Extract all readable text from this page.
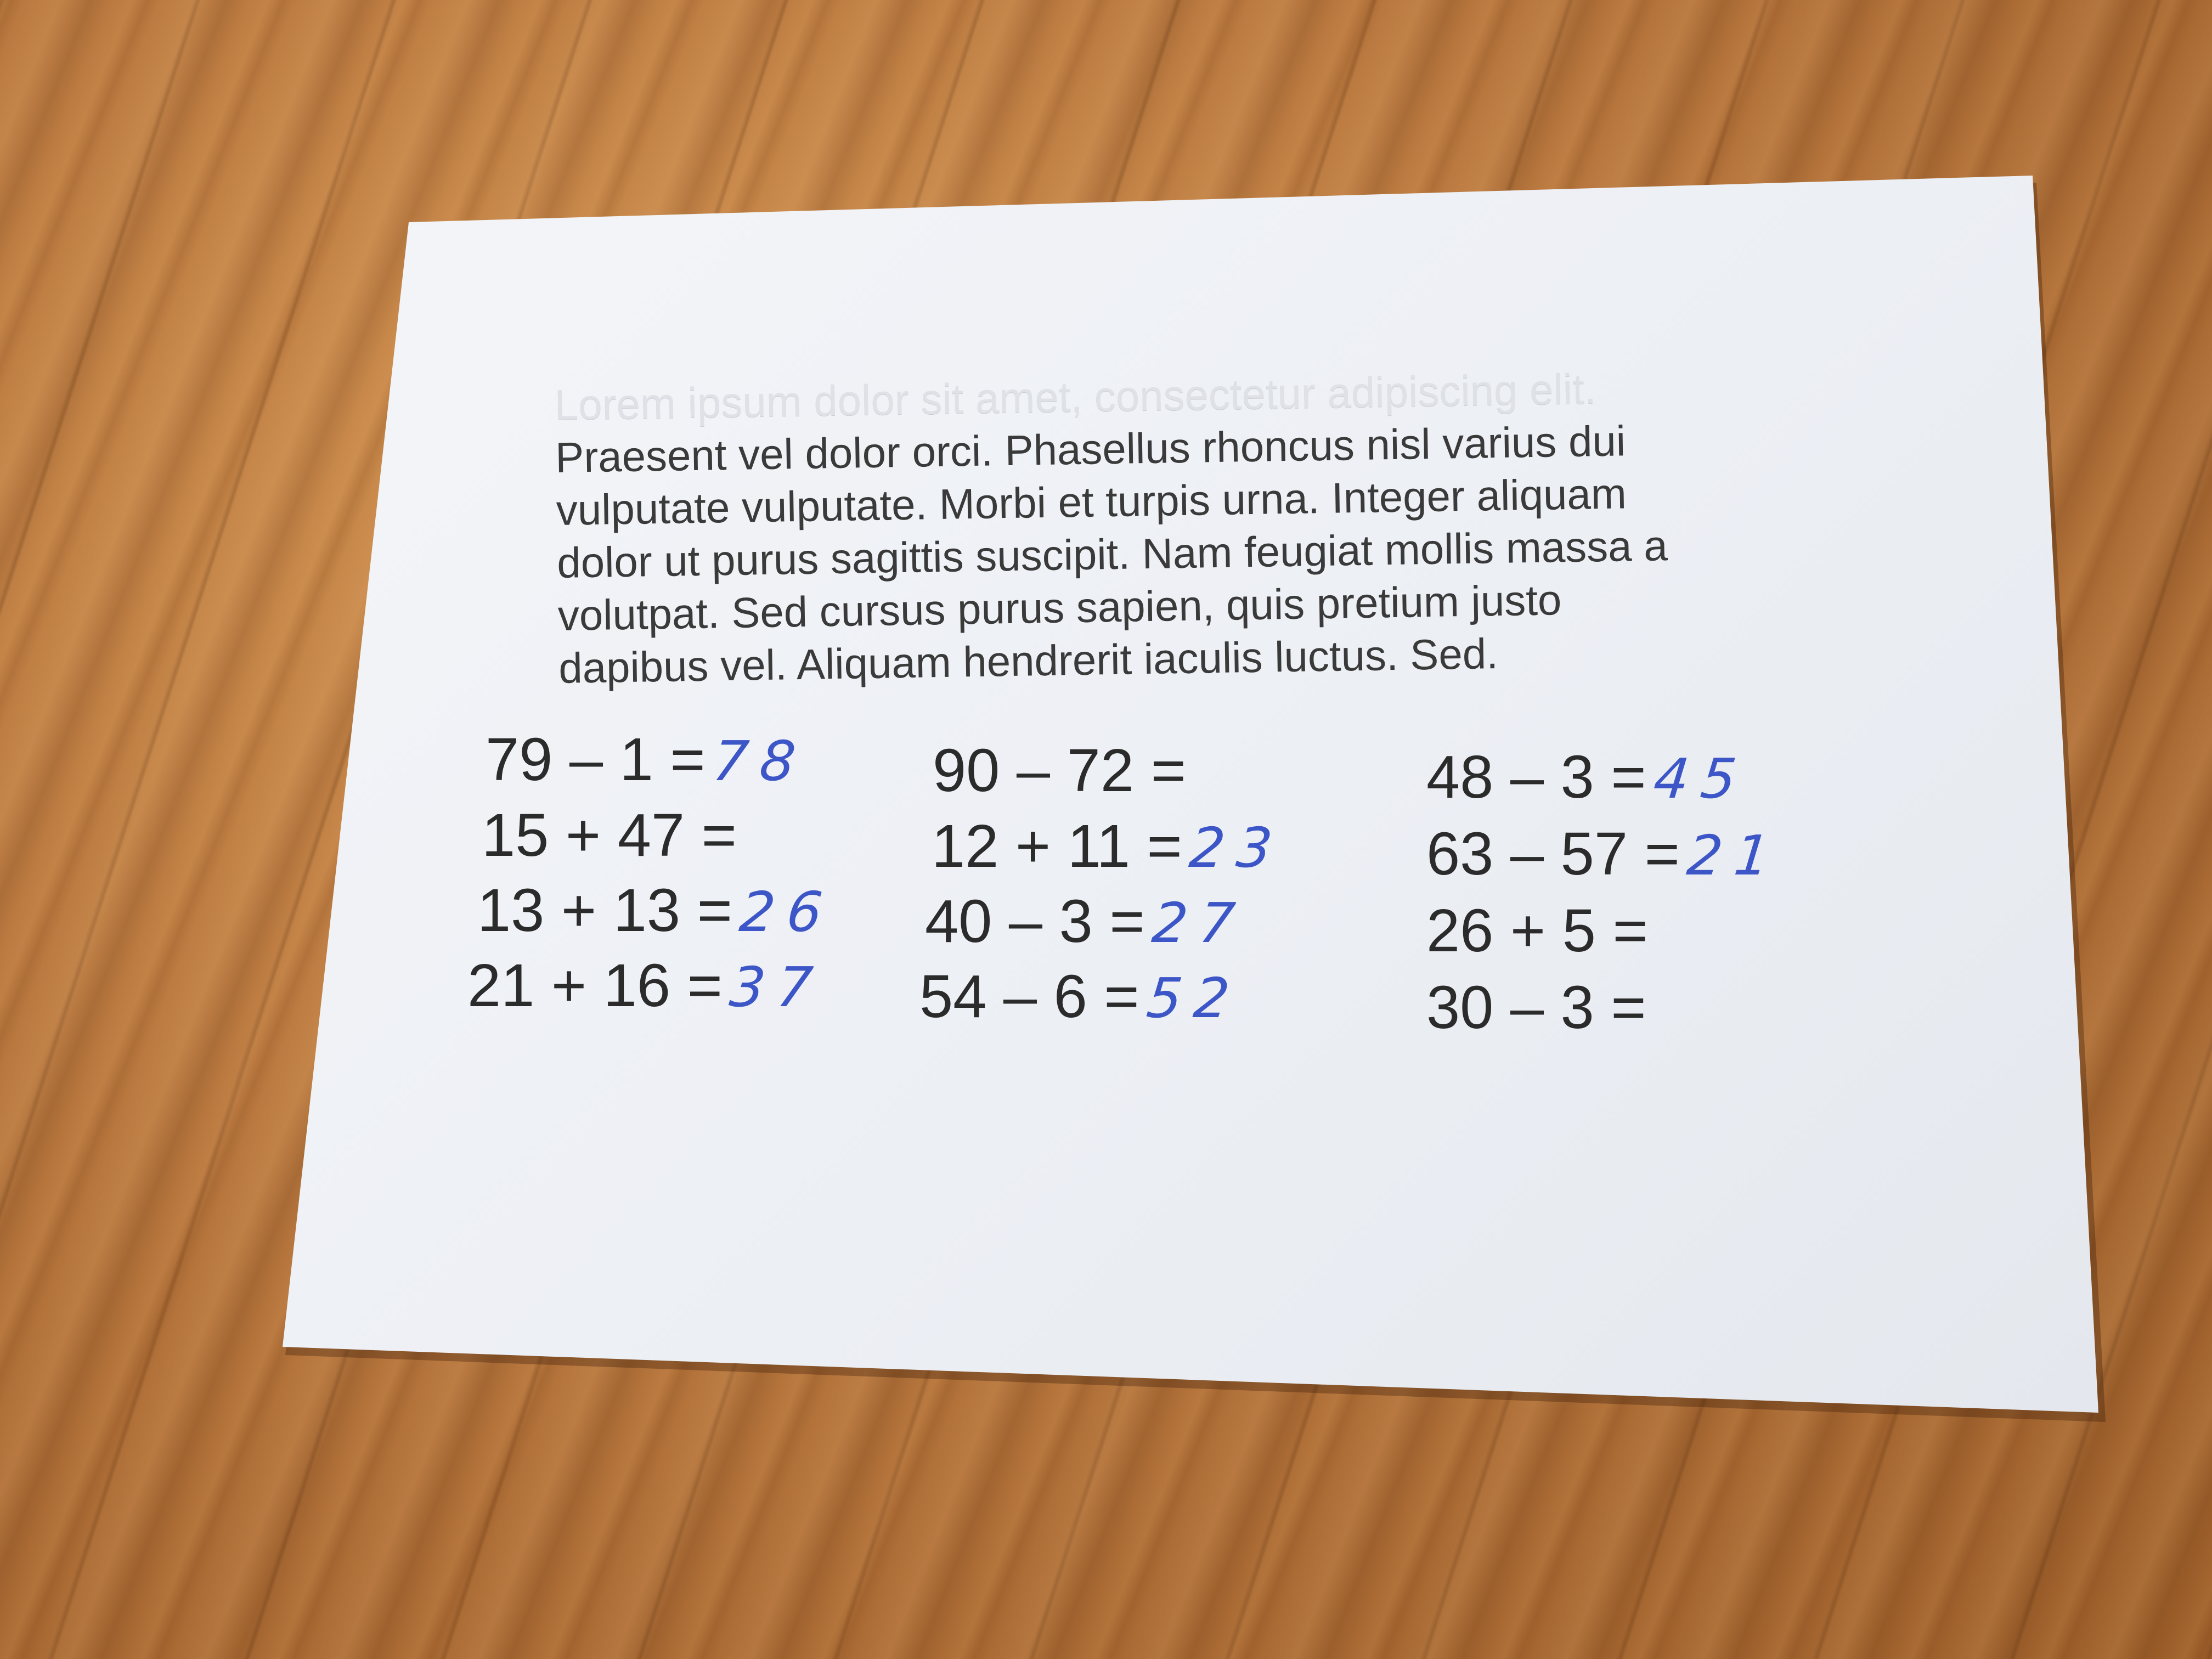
Lorem ipsum dolor sit amet, consectetur adipiscing elit.
Praesent vel dolor orci. Phasellus rhoncus nisl varius dui
vulputate vulputate. Morbi et turpis urna. Integer aliquam
dolor ut purus sagittis suscipit. Nam feugiat mollis massa a
volutpat. Sed cursus purus sapien, quis pretium justo
dapibus vel. Aliquam hendrerit iaculis luctus. Sed.
79 – 1 =78
15 + 47 =
13 + 13 =26
21 + 16 =37
90 – 72 =
12 + 11 =23
40 – 3 =27
54 – 6 =52
48 – 3 =45
63 – 57 =21
26 + 5 =
30 – 3 =
